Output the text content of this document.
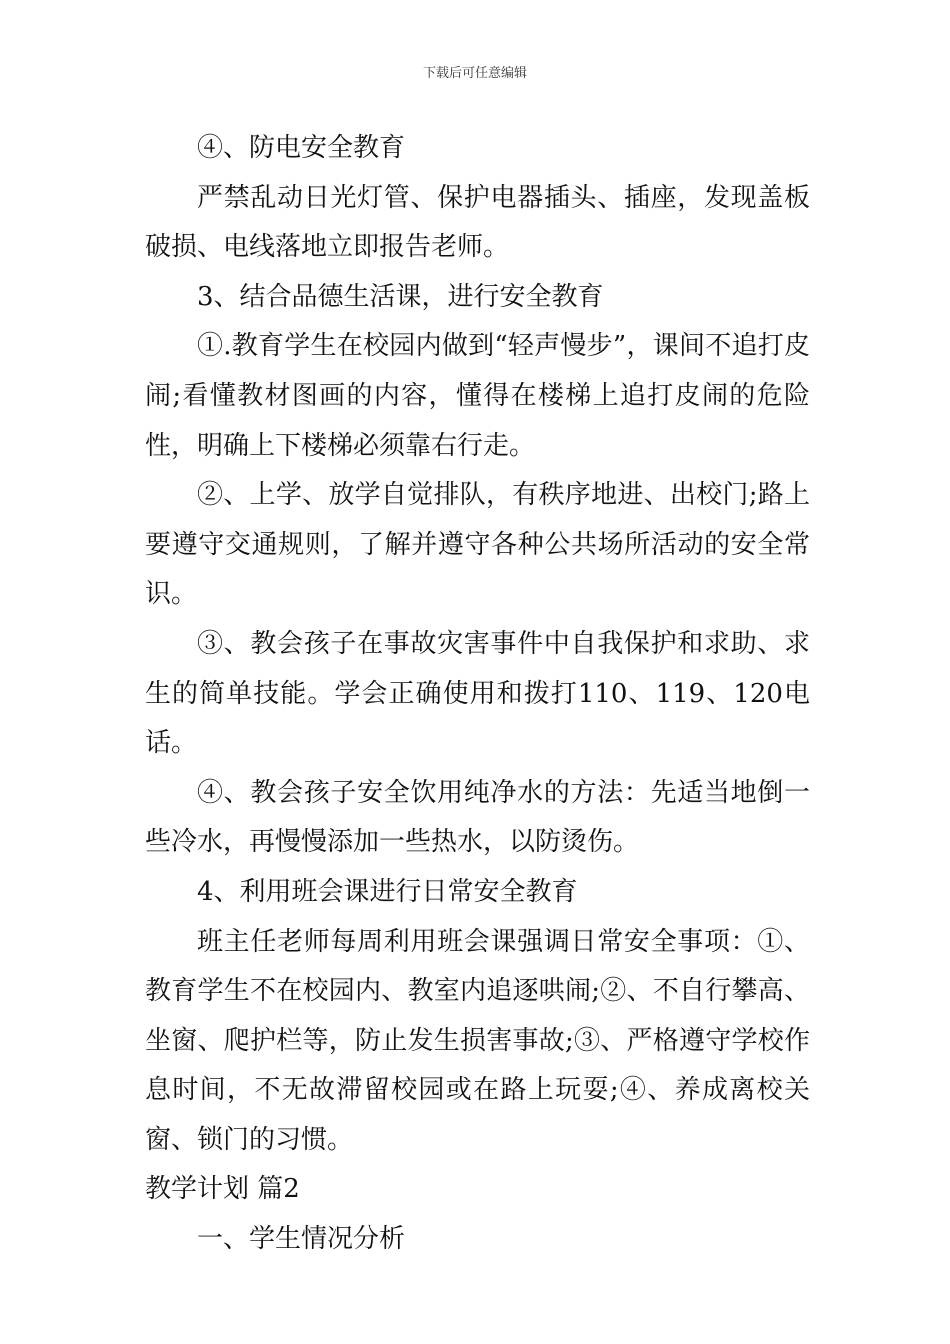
下载后可任意编辑

④、防电安全教育

严禁乱动日光灯管、保护电器插头、插座，发现盖板破损、电线落地立即报告老师。

3、结合品德生活课，进行安全教育

①.教育学生在校园内做到“轻声慢步”，课间不追打皮闹;看懂教材图画的内容，懂得在楼梯上追打皮闹的危险性，明确上下楼梯必须靠右行走。

②、上学、放学自觉排队，有秩序地进、出校门;路上要遵守交通规则，了解并遵守各种公共场所活动的安全常识。

③、教会孩子在事故灾害事件中自我保护和求助、求生的简单技能。学会正确使用和拨打110、119、120电话。

④、教会孩子安全饮用纯净水的方法：先适当地倒一些冷水，再慢慢添加一些热水，以防烫伤。

4、利用班会课进行日常安全教育

班主任老师每周利用班会课强调日常安全事项：①、教育学生不在校园内、教室内追逐哄闹;②、不自行攀高、坐窗、爬护栏等，防止发生损害事故;③、严格遵守学校作息时间，不无故滞留校园或在路上玩耍;④、养成离校关窗、锁门的习惯。

教学计划 篇2

一、学生情况分析
